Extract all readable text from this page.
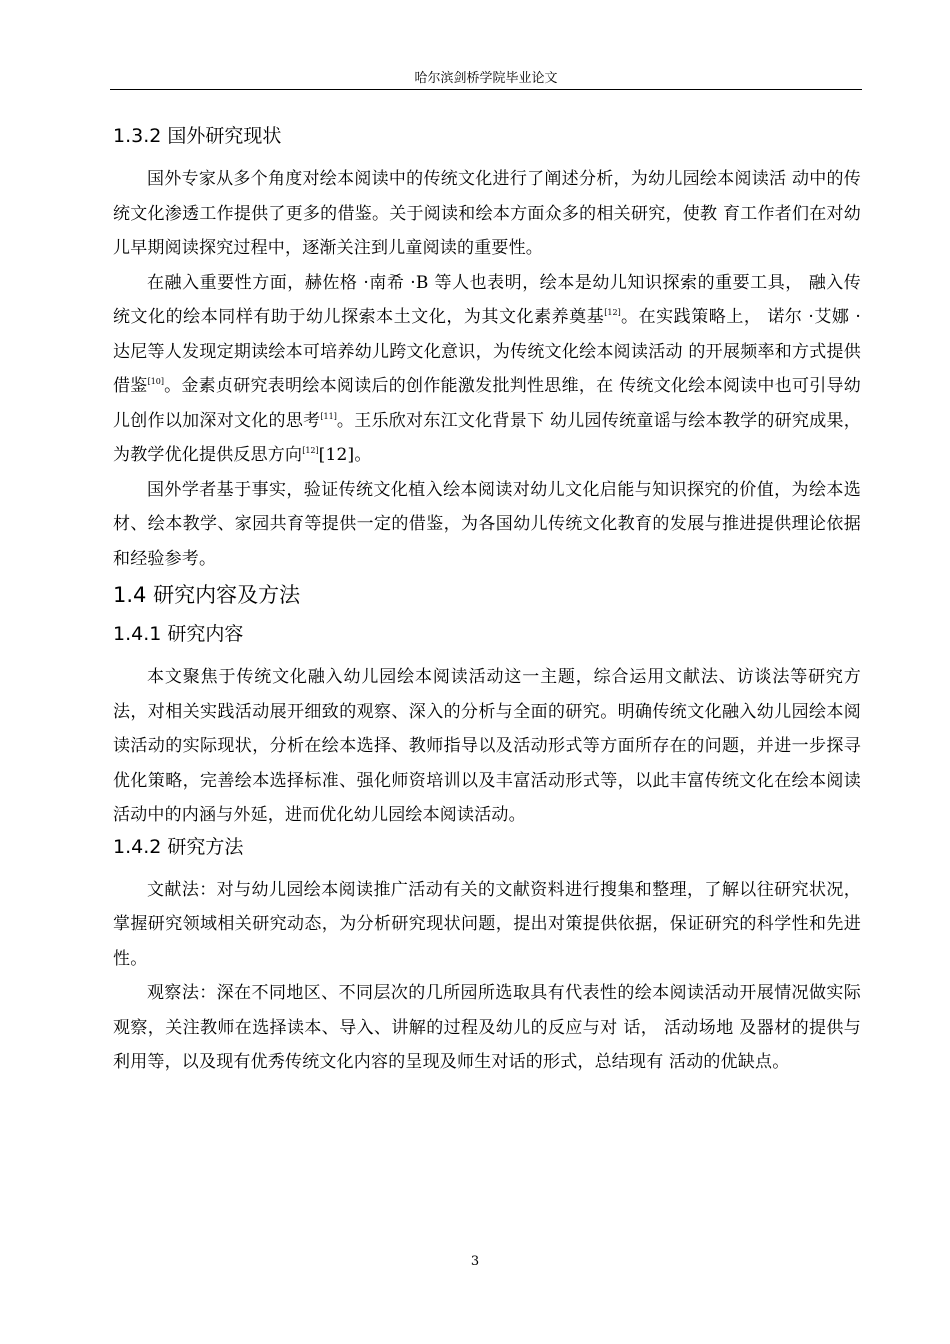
哈尔滨剑桥学院毕业论文
1.3.2 国外研究现状

国外专家从多个角度对绘本阅读中的传统文化进行了阐述分析，为幼儿园绘本阅读活 动中的传统文化渗透工作提供了更多的借鉴。关于阅读和绘本方面众多的相关研究，使教 育工作者们在对幼儿早期阅读探究过程中，逐渐关注到儿童阅读的重要性。

在融入重要性方面，赫佐格 ·南希 ·B 等人也表明，绘本是幼儿知识探索的重要工具， 融入传统文化的绘本同样有助于幼儿探索本土文化，为其文化素养奠基[12]。在实践策略上， 诺尔 ·艾娜 ·达尼等人发现定期读绘本可培养幼儿跨文化意识，为传统文化绘本阅读活动 的开展频率和方式提供借鉴[10]。金素贞研究表明绘本阅读后的创作能激发批判性思维，在 传统文化绘本阅读中也可引导幼儿创作以加深对文化的思考[11]。王乐欣对东江文化背景下 幼儿园传统童谣与绘本教学的研究成果，为教学优化提供反思方向[12][12]。

国外学者基于事实，验证传统文化植入绘本阅读对幼儿文化启能与知识探究的价值，为绘本选材、绘本教学、家园共育等提供一定的借鉴，为各国幼儿传统文化教育的发展与推进提供理论依据和经验参考。

1.4 研究内容及方法
1.4.1 研究内容

本文聚焦于传统文化融入幼儿园绘本阅读活动这一主题，综合运用文献法、访谈法等研究方法，对相关实践活动展开细致的观察、深入的分析与全面的研究。明确传统文化融入幼儿园绘本阅读活动的实际现状，分析在绘本选择、教师指导以及活动形式等方面所存在的问题，并进一步探寻优化策略，完善绘本选择标准、强化师资培训以及丰富活动形式等，以此丰富传统文化在绘本阅读活动中的内涵与外延，进而优化幼儿园绘本阅读活动。

1.4.2 研究方法

文献法：对与幼儿园绘本阅读推广活动有关的文献资料进行搜集和整理，了解以往研究状况，掌握研究领域相关研究动态，为分析研究现状问题，提出对策提供依据，保证研究的科学性和先进性。

观察法：深在不同地区、不同层次的几所园所选取具有代表性的绘本阅读活动开展情况做实际观察，关注教师在选择读本、导入、讲解的过程及幼儿的反应与对 话， 活动场地 及器材的提供与利用等，以及现有优秀传统文化内容的呈现及师生对话的形式，总结现有 活动的优缺点。

3
